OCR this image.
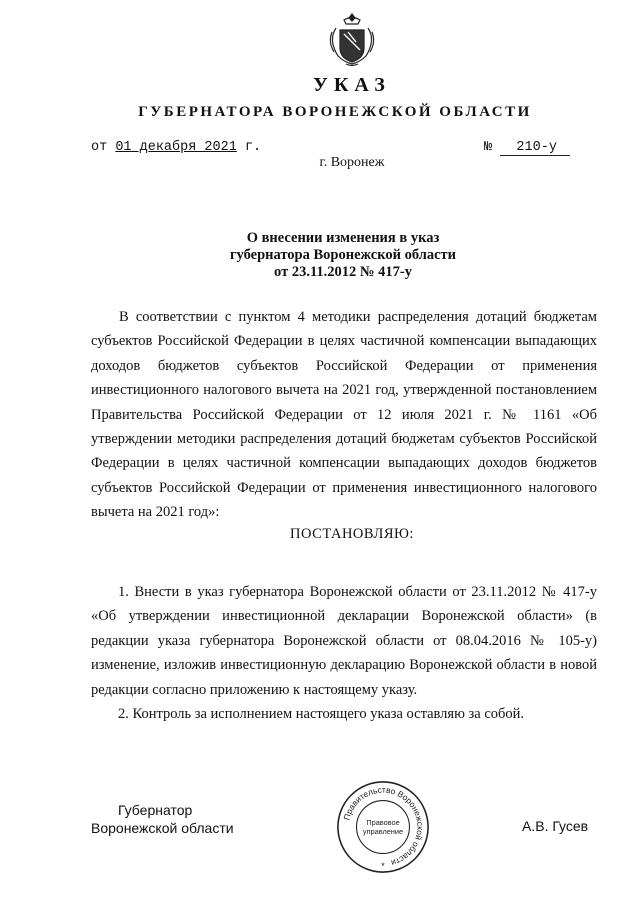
УКАЗ
ГУБЕРНАТОРА ВОРОНЕЖСКОЙ ОБЛАСТИ
от 01 декабря 2021 г.	№ 210-у
г. Воронеж
О внесении изменения в указ
губернатора Воронежской области
от 23.11.2012 № 417-у
В соответствии с пунктом 4 методики распределения дотаций бюджетам субъектов Российской Федерации в целях частичной компенсации выпадающих доходов бюджетов субъектов Российской Федерации от применения инвестиционного налогового вычета на 2021 год, утвержденной постановлением Правительства Российской Федерации от 12 июля 2021 г. № 1161 «Об утверждении методики распределения дотаций бюджетам субъектов Российской Федерации в целях частичной компенсации выпадающих доходов бюджетов субъектов Российской Федерации от применения инвестиционного налогового вычета на 2021 год»:
ПОСТАНОВЛЯЮ:

1. Внести в указ губернатора Воронежской области от 23.11.2012 № 417-у «Об утверждении инвестиционной декларации Воронежской области» (в редакции указа губернатора Воронежской области от 08.04.2016 № 105-у) изменение, изложив инвестиционную декларацию Воронежской области в новой редакции согласно приложению к настоящему указу.

2. Контроль за исполнением настоящего указа оставляю за собой.

Губернатор
Воронежской области
Правительство Воронежской области
Правовое
управление
*
А.В. Гусев
